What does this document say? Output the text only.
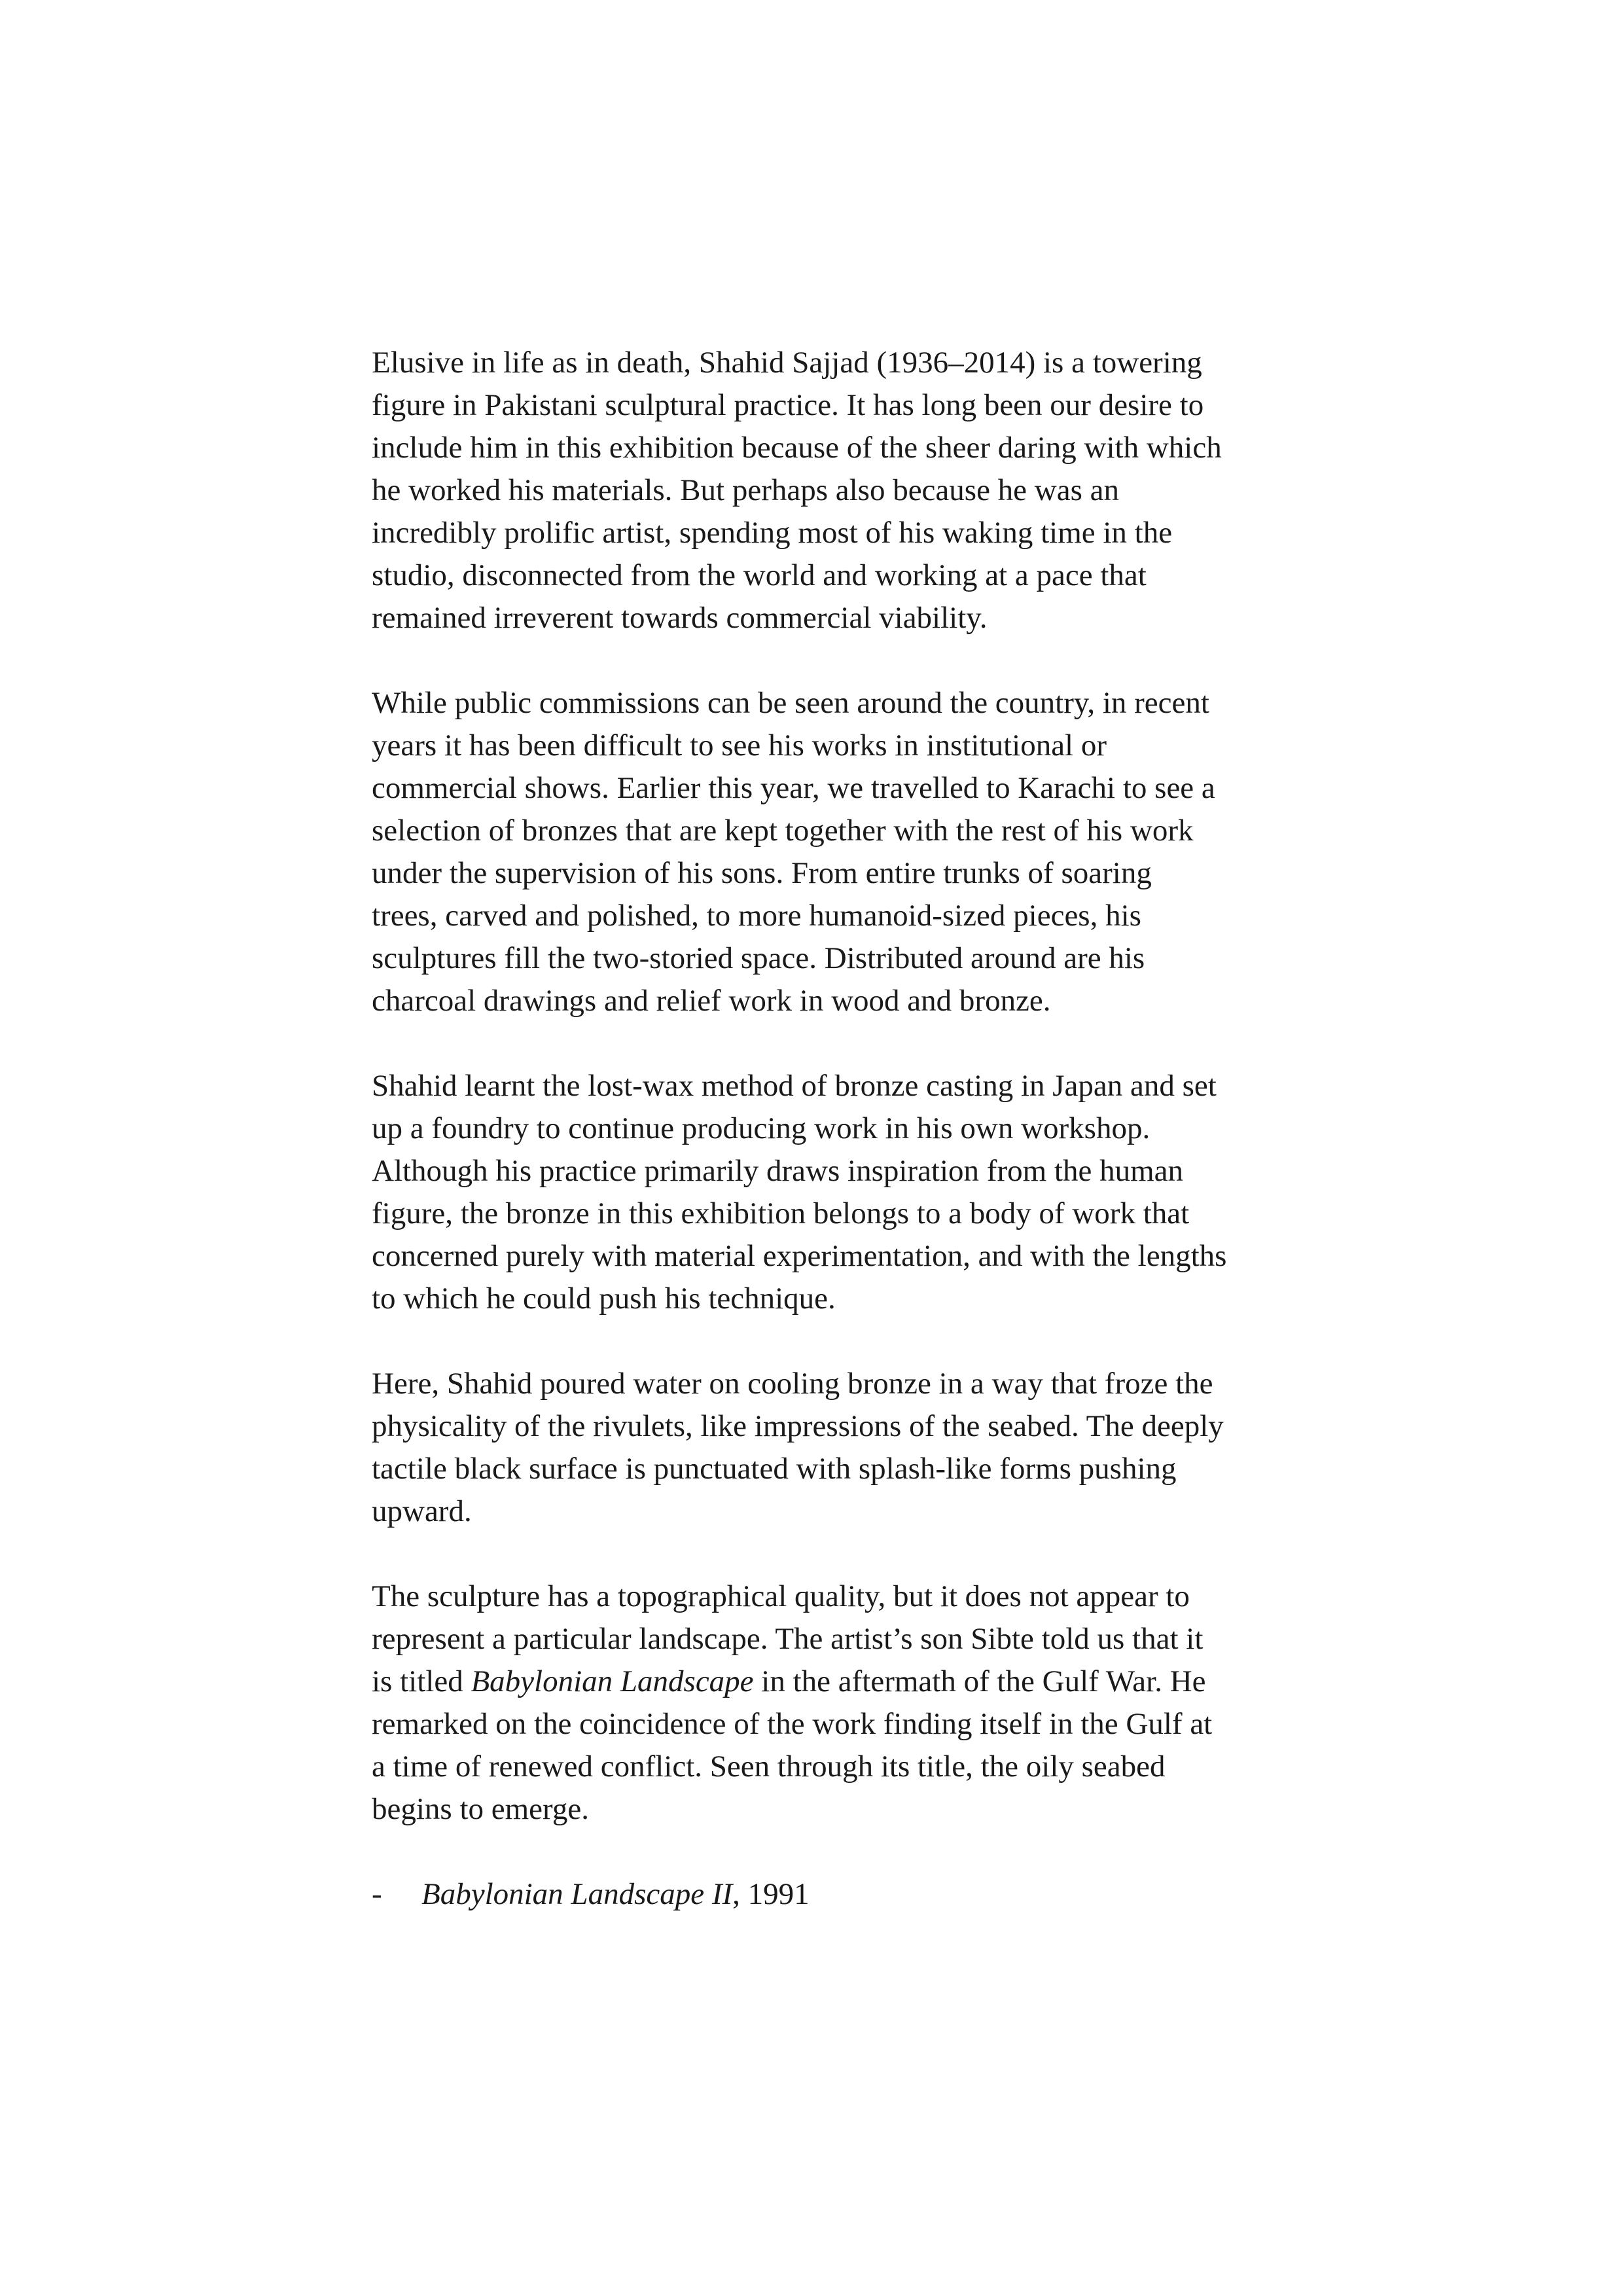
Elusive in life as in death, Shahid Sajjad (1936–2014) is a towering
figure in Pakistani sculptural practice. It has long been our desire to
include him in this exhibition because of the sheer daring with which
he worked his materials. But perhaps also because he was an
incredibly prolific artist, spending most of his waking time in the
studio, disconnected from the world and working at a pace that
remained irreverent towards commercial viability.

While public commissions can be seen around the country, in recent
years it has been difficult to see his works in institutional or
commercial shows. Earlier this year, we travelled to Karachi to see a
selection of bronzes that are kept together with the rest of his work
under the supervision of his sons. From entire trunks of soaring
trees, carved and polished, to more humanoid-sized pieces, his
sculptures fill the two-storied space. Distributed around are his
charcoal drawings and relief work in wood and bronze.

Shahid learnt the lost-wax method of bronze casting in Japan and set
up a foundry to continue producing work in his own workshop.
Although his practice primarily draws inspiration from the human
figure, the bronze in this exhibition belongs to a body of work that
concerned purely with material experimentation, and with the lengths
to which he could push his technique.

Here, Shahid poured water on cooling bronze in a way that froze the
physicality of the rivulets, like impressions of the seabed. The deeply
tactile black surface is punctuated with splash-like forms pushing
upward.

The sculpture has a topographical quality, but it does not appear to
represent a particular landscape. The artist’s son Sibte told us that it
is titled Babylonian Landscape in the aftermath of the Gulf War. He
remarked on the coincidence of the work finding itself in the Gulf at
a time of renewed conflict. Seen through its title, the oily seabed
begins to emerge.

-	Babylonian Landscape II, 1991
